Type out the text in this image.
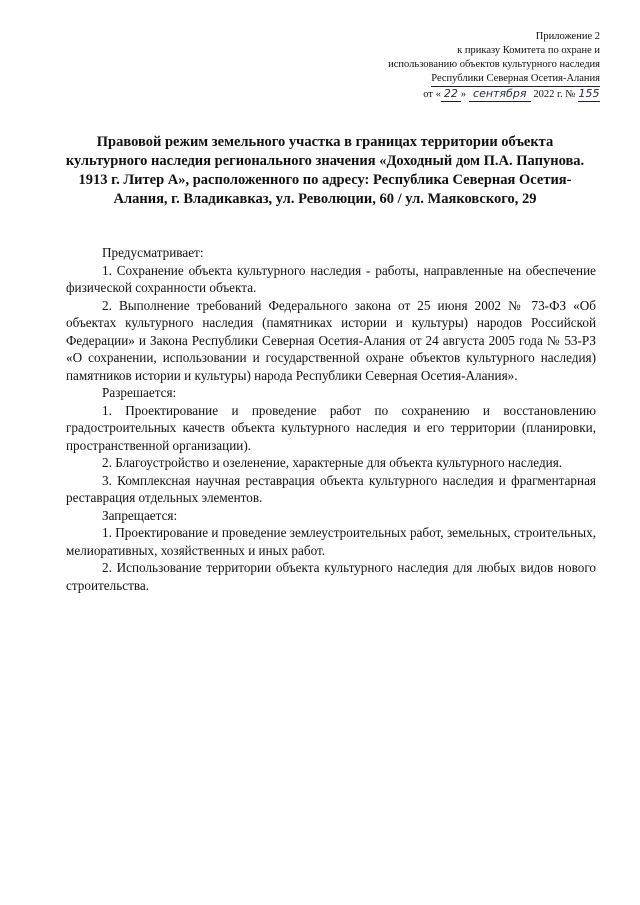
Приложение 2
к приказу Комитета по охране и
использованию объектов культурного наследия
Республики Северная Осетия-Алания
от « 22 » сентября 2022 г. № 155
Правовой режим земельного участка в границах территории объекта культурного наследия регионального значения «Доходный дом П.А. Папунова. 1913 г. Литер А», расположенного по адресу: Республика Северная Осетия-Алания, г. Владикавказ, ул. Революции, 60 / ул. Маяковского, 29

Предусматривает:

1. Сохранение объекта культурного наследия - работы, направленные на обеспечение физической сохранности объекта.

2. Выполнение требований Федерального закона от 25 июня 2002 № 73-ФЗ «Об объектах культурного наследия (памятниках истории и культуры) народов Российской Федерации» и Закона Республики Северная Осетия-Алания от 24 августа 2005 года № 53-РЗ «О сохранении, использовании и государственной охране объектов культурного наследия) памятников истории и культуры) народа Республики Северная Осетия-Алания».

Разрешается:

1. Проектирование и проведение работ по сохранению и восстановлению градостроительных качеств объекта культурного наследия и его территории (планировки, пространственной организации).

2. Благоустройство и озеленение, характерные для объекта культурного наследия.

3. Комплексная научная реставрация объекта культурного наследия и фрагментарная реставрация отдельных элементов.

Запрещается:

1. Проектирование и проведение землеустроительных работ, земельных, строительных, мелиоративных, хозяйственных и иных работ.

2. Использование территории объекта культурного наследия для любых видов нового строительства.
